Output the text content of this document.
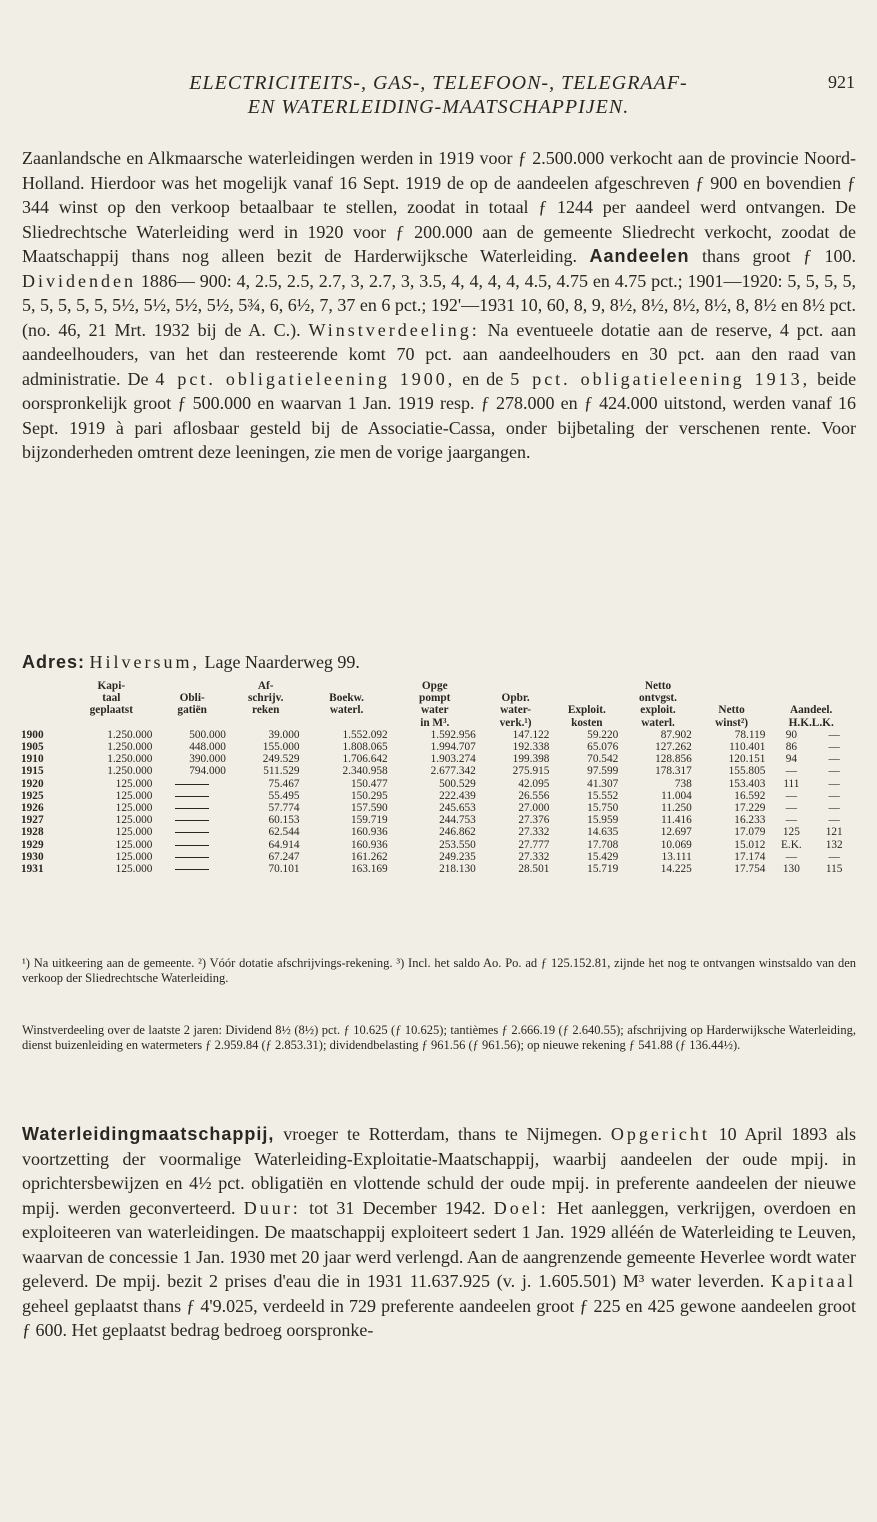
ELECTRICITEITS-, GAS-, TELEFOON-, TELEGRAAF-	921
EN WATERLEIDING-MAATSCHAPPIJEN.
Zaanlandsche en Alkmaarsche waterleidingen werden in 1919 voor ƒ 2.500.000 verkocht aan de provincie Noord-Holland. Hierdoor was het mogelijk vanaf 16 Sept. 1919 de op de aandeelen afgeschreven ƒ 900 en bovendien ƒ 344 winst op den verkoop betaalbaar te stellen, zoodat in totaal ƒ 1244 per aandeel werd ontvangen. De Sliedrechtsche Waterleiding werd in 1920 voor ƒ 200.000 aan de gemeente Sliedrecht verkocht, zoodat de Maatschappij thans nog alleen bezit de Harderwijksche Waterleiding. Aandeelen thans groot ƒ 100. Dividenden 1886— 900: 4, 2.5, 2.5, 2.7, 3, 2.7, 3, 3.5, 4, 4, 4, 4, 4.5, 4.75 en 4.75 pct.; 1901—1920: 5, 5, 5, 5, 5, 5, 5, 5, 5, 5½, 5½, 5½, 5½, 5¾, 6, 6½, 7, 37 en 6 pct.; 192'—1931 10, 60, 8, 9, 8½, 8½, 8½, 8½, 8, 8½ en 8½ pct. (no. 46, 21 Mrt. 1932 bij de A. C.). Winstverdeeling: Na eventueele dotatie aan de reserve, 4 pct. aan aandeelhouders, van het dan resteerende komt 70 pct. aan aandeelhouders en 30 pct. aan den raad van administratie. De 4 pct. obligatieleening 1900, en de 5 pct. obligatieleening 1913, beide oorspronkelijk groot ƒ 500.000 en waarvan 1 Jan. 1919 resp. ƒ 278.000 en ƒ 424.000 uitstond, werden vanaf 16 Sept. 1919 à pari aflosbaar gesteld bij de Associatie-Cassa, onder bijbetaling der verschenen rente. Voor bijzonderheden omtrent deze leeningen, zie men de vorige jaargangen.
Adres: Hilversum, Lage Naarderweg 99.
	Kapi-		Af-		Opge			Netto			
	taal	Obli-	schrijv.	Boekw.	pompt	Opbr.		ontvgst.			
	geplaatst	gatiën	reken	waterl.	water	water-	Exploit.	exploit.	Netto	Aandeel.	
					in M³.	verk.¹)	kosten	waterl.	winst²)	H.K.L.K.	
1900	1.250.000	500.000	39.000	1.552.092	1.592.956	147.122	59.220	87.902	78.119	90	—
1905	1.250.000	448.000	155.000	1.808.065	1.994.707	192.338	65.076	127.262	110.401	86	—
1910	1.250.000	390.000	249.529	1.706.642	1.903.274	199.398	70.542	128.856	120.151	94	—
1915	1.250.000	794.000	511.529	2.340.958	2.677.342	275.915	97.599	178.317	155.805	—	—
1920	125.000		75.467	150.477	500.529	42.095	41.307	738	153.403	111	—
1925	125.000		55.495	150.295	222.439	26.556	15.552	11.004	16.592	—	—
1926	125.000		57.774	157.590	245.653	27.000	15.750	11.250	17.229	—	—
1927	125.000		60.153	159.719	244.753	27.376	15.959	11.416	16.233	—	—
1928	125.000		62.544	160.936	246.862	27.332	14.635	12.697	17.079	125	121
1929	125.000		64.914	160.936	253.550	27.777	17.708	10.069	15.012	E.K.	132
1930	125.000		67.247	161.262	249.235	27.332	15.429	13.111	17.174	—	—
1931	125.000		70.101	163.169	218.130	28.501	15.719	14.225	17.754	130	115
¹) Na uitkeering aan de gemeente. ²) Vóór dotatie afschrijvings-rekening. ³) Incl. het saldo Ao. Po. ad ƒ 125.152.81, zijnde het nog te ontvangen winstsaldo van den verkoop der Sliedrechtsche Waterleiding.
Winstverdeeling over de laatste 2 jaren: Dividend 8½ (8½) pct. ƒ 10.625 (ƒ 10.625); tantièmes ƒ 2.666.19 (ƒ 2.640.55); afschrijving op Harderwijksche Waterleiding, dienst buizenleiding en watermeters ƒ 2.959.84 (ƒ 2.853.31); dividendbelasting ƒ 961.56 (ƒ 961.56); op nieuwe rekening ƒ 541.88 (ƒ 136.44½).
Waterleidingmaatschappij, vroeger te Rotterdam, thans te Nijmegen. Opgericht 10 April 1893 als voortzetting der voormalige Waterleiding-Exploitatie-Maatschappij, waarbij aandeelen der oude mpij. in oprichtersbewijzen en 4½ pct. obligatiën en vlottende schuld der oude mpij. in preferente aandeelen der nieuwe mpij. werden geconverteerd. Duur: tot 31 December 1942. Doel: Het aanleggen, verkrijgen, overdoen en exploiteeren van waterleidingen. De maatschappij exploiteert sedert 1 Jan. 1929 alléén de Waterleiding te Leuven, waarvan de concessie 1 Jan. 1930 met 20 jaar werd verlengd. Aan de aangrenzende gemeente Heverlee wordt water geleverd. De mpij. bezit 2 prises d'eau die in 1931 11.637.925 (v. j. 1.605.501) M³ water leverden. Kapitaal geheel geplaatst thans ƒ 4'9.025, verdeeld in 729 preferente aandeelen groot ƒ 225 en 425 gewone aandeelen groot ƒ 600. Het geplaatst bedrag bedroeg oorspronke-
